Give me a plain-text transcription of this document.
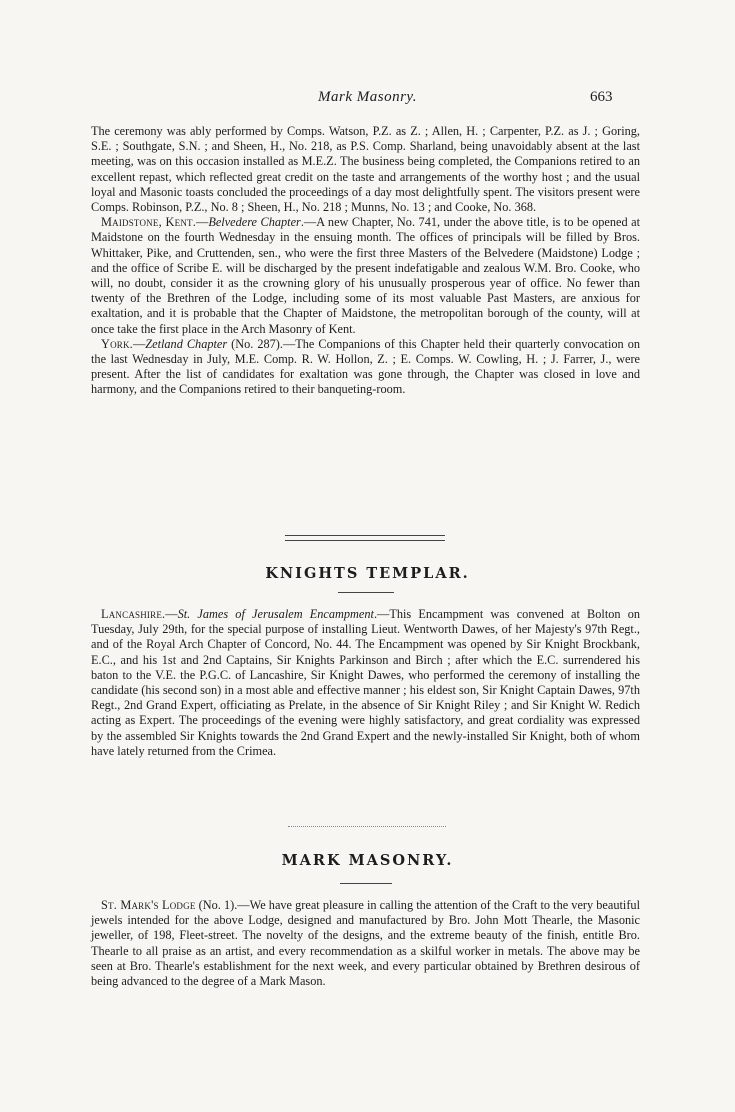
Mark Masonry.	663

The ceremony was ably performed by Comps. Watson, P.Z. as Z. ; Allen, H. ; Carpenter, P.Z. as J. ; Goring, S.E. ; Southgate, S.N. ; and Sheen, H., No. 218, as P.S. Comp. Sharland, being unavoidably absent at the last meeting, was on this occasion installed as M.E.Z. The business being completed, the Companions retired to an excellent repast, which reflected great credit on the taste and arrangements of the worthy host ; and the usual loyal and Masonic toasts concluded the proceedings of a day most delightfully spent. The visitors present were Comps. Robinson, P.Z., No. 8 ; Sheen, H., No. 218 ; Munns, No. 13 ; and Cooke, No. 368.

Maidstone, Kent.—Belvedere Chapter.—A new Chapter, No. 741, under the above title, is to be opened at Maidstone on the fourth Wednesday in the ensuing month. The offices of principals will be filled by Bros. Whittaker, Pike, and Cruttenden, sen., who were the first three Masters of the Belvedere (Maidstone) Lodge ; and the office of Scribe E. will be discharged by the present indefatigable and zealous W.M. Bro. Cooke, who will, no doubt, consider it as the crowning glory of his unusually prosperous year of office. No fewer than twenty of the Brethren of the Lodge, including some of its most valuable Past Masters, are anxious for exaltation, and it is probable that the Chapter of Maidstone, the metropolitan borough of the county, will at once take the first place in the Arch Masonry of Kent.

York.—Zetland Chapter (No. 287).—The Companions of this Chapter held their quarterly convocation on the last Wednesday in July, M.E. Comp. R. W. Hollon, Z. ; E. Comps. W. Cowling, H. ; J. Farrer, J., were present. After the list of candidates for exaltation was gone through, the Chapter was closed in love and harmony, and the Companions retired to their banqueting-room.

KNIGHTS TEMPLAR.

Lancashire.—St. James of Jerusalem Encampment.—This Encampment was convened at Bolton on Tuesday, July 29th, for the special purpose of installing Lieut. Wentworth Dawes, of her Majesty's 97th Regt., and of the Royal Arch Chapter of Concord, No. 44. The Encampment was opened by Sir Knight Brockbank, E.C., and his 1st and 2nd Captains, Sir Knights Parkinson and Birch ; after which the E.C. surrendered his baton to the V.E. the P.G.C. of Lancashire, Sir Knight Dawes, who performed the ceremony of installing the candidate (his second son) in a most able and effective manner ; his eldest son, Sir Knight Captain Dawes, 97th Regt., 2nd Grand Expert, officiating as Prelate, in the absence of Sir Knight Riley ; and Sir Knight W. Redich acting as Expert. The proceedings of the evening were highly satisfactory, and great cordiality was expressed by the assembled Sir Knights towards the 2nd Grand Expert and the newly-installed Sir Knight, both of whom have lately returned from the Crimea.

MARK MASONRY.

St. Mark's Lodge (No. 1).—We have great pleasure in calling the attention of the Craft to the very beautiful jewels intended for the above Lodge, designed and manufactured by Bro. John Mott Thearle, the Masonic jeweller, of 198, Fleet-street. The novelty of the designs, and the extreme beauty of the finish, entitle Bro. Thearle to all praise as an artist, and every recommendation as a skilful worker in metals. The above may be seen at Bro. Thearle's establishment for the next week, and every particular obtained by Brethren desirous of being advanced to the degree of a Mark Mason.
